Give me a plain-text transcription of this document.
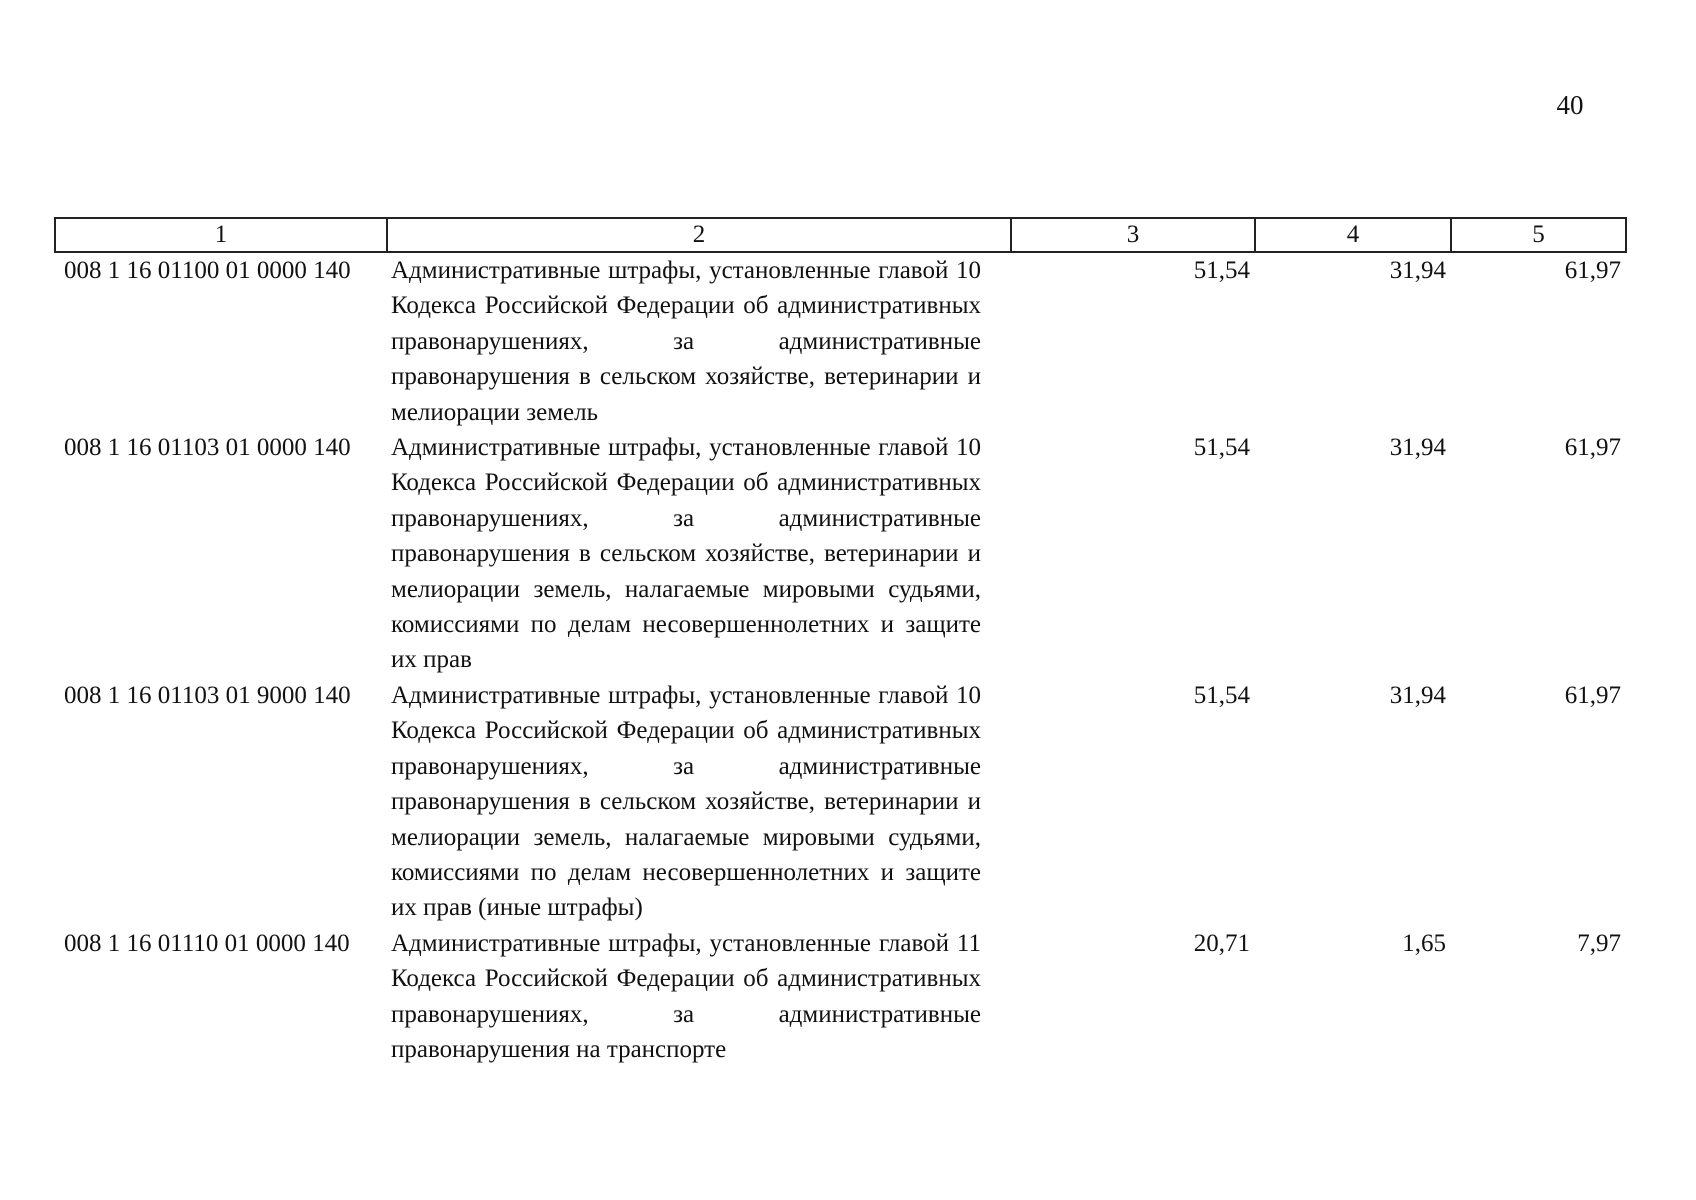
40
1	2	3	4	5
008 1 16 01100 01 0000 140	Административные штрафы, установленные главой 10 Кодекса Российской Федерации об административных правонарушениях, за административные правонарушения в сельском хозяйстве, ветеринарии и мелиорации земель	51,54	31,94	61,97
008 1 16 01103 01 0000 140	Административные штрафы, установленные главой 10 Кодекса Российской Федерации об административных правонарушениях, за административные правонарушения в сельском хозяйстве, ветеринарии и мелиорации земель, налагаемые мировыми судьями, комиссиями по делам несовершеннолетних и защите их прав	51,54	31,94	61,97
008 1 16 01103 01 9000 140	Административные штрафы, установленные главой 10 Кодекса Российской Федерации об административных правонарушениях, за административные правонарушения в сельском хозяйстве, ветеринарии и мелиорации земель, налагаемые мировыми судьями, комиссиями по делам несовершеннолетних и защите их прав (иные штрафы)	51,54	31,94	61,97
008 1 16 01110 01 0000 140	Административные штрафы, установленные главой 11 Кодекса Российской Федерации об административных правонарушениях, за административные правонарушения на транспорте	20,71	1,65	7,97
